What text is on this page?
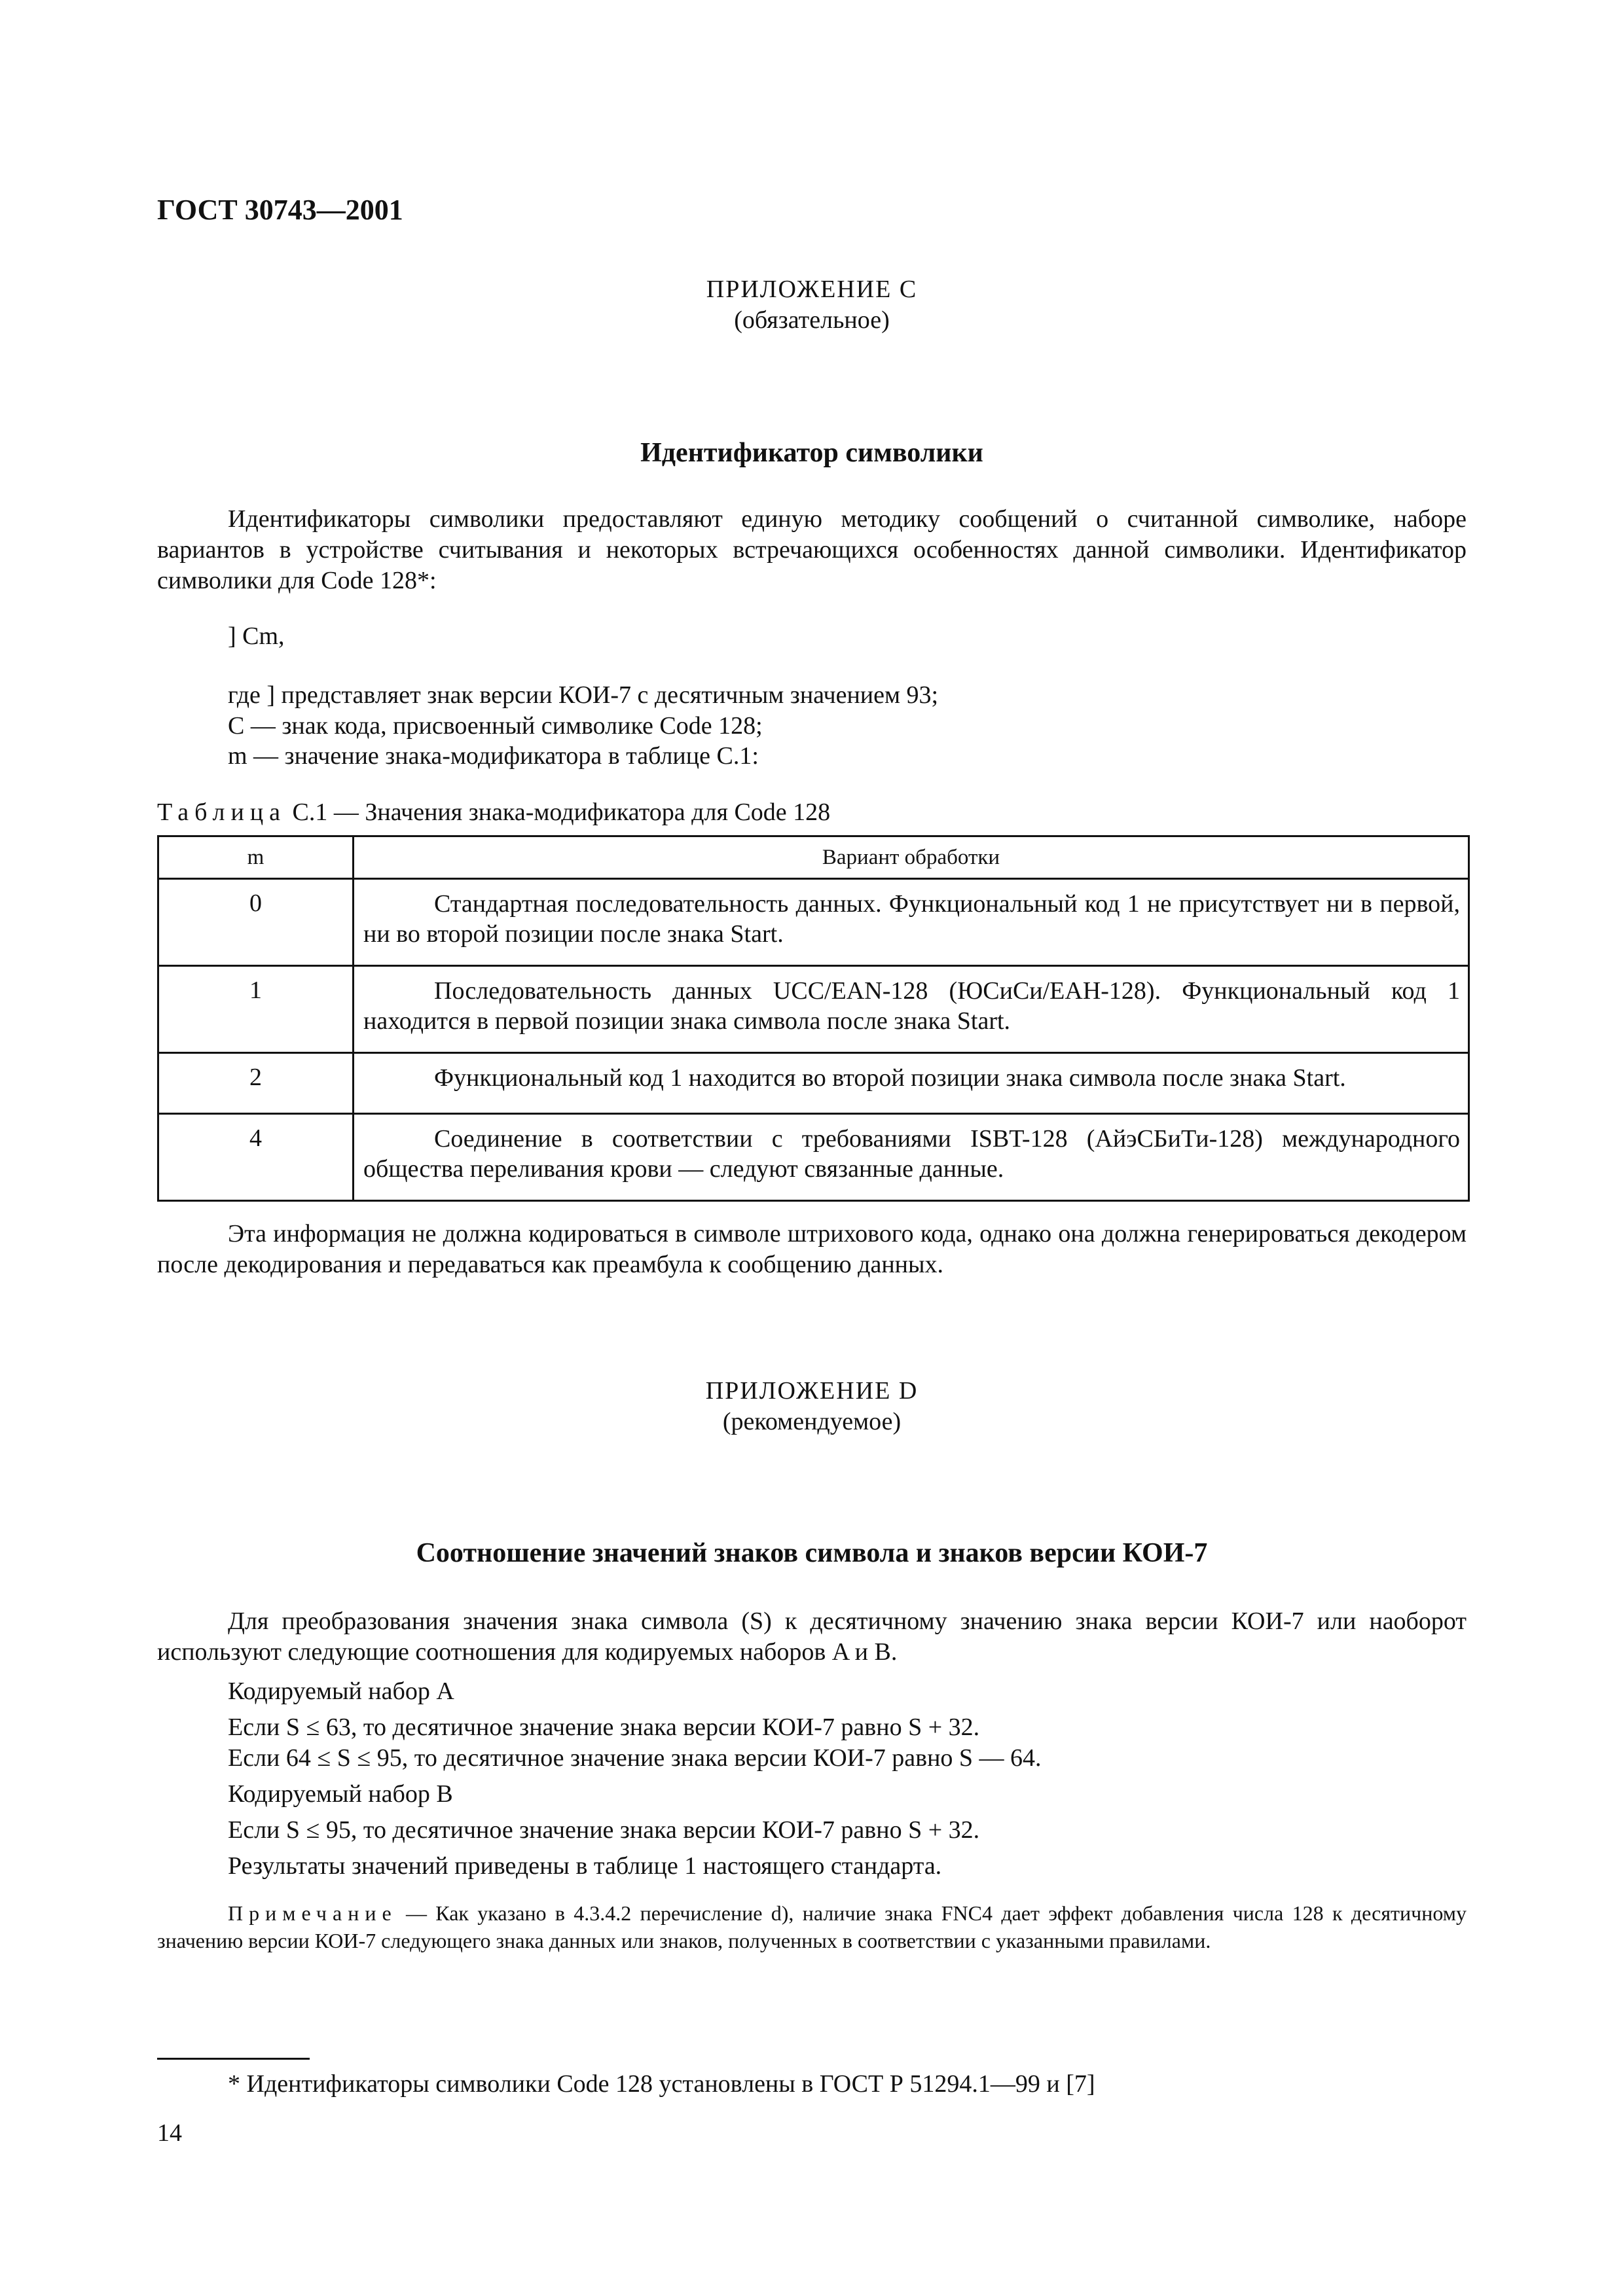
ГОСТ 30743—2001
ПРИЛОЖЕНИЕ C
(обязательное)
Идентификатор символики
Идентификаторы символики предоставляют единую методику сообщений о считанной символике, наборе вариантов в устройстве считывания и некоторых встречающихся особенностях данной символики. Идентификатор символики для Code 128*:
] Cm,
где ] представляет знак версии КОИ-7 с десятичным значением 93;
C — знак кода, присвоенный символике Code 128;
m — значение знака-модификатора в таблице C.1:
Таблица C.1 — Значения знака-модификатора для Code 128
m	Вариант обработки
0	Стандартная последовательность данных. Функциональный код 1 не присутствует ни в первой, ни во второй позиции после знака Start.
1	Последовательность данных UCC/EAN-128 (ЮСиСи/ЕАН-128). Функциональный код 1 находится в первой позиции знака символа после знака Start.
2	Функциональный код 1 находится во второй позиции знака символа после знака Start.
4	Соединение в соответствии с требованиями ISBT-128 (АйэСБиТи-128) международного общества переливания крови — следуют связанные данные.
Эта информация не должна кодироваться в символе штрихового кода, однако она должна генерироваться декодером после декодирования и передаваться как преамбула к сообщению данных.
ПРИЛОЖЕНИЕ D
(рекомендуемое)
Соотношение значений знаков символа и знаков версии КОИ-7
Для преобразования значения знака символа (S) к десятичному значению знака версии КОИ-7 или наоборот используют следующие соотношения для кодируемых наборов A и B.
Кодируемый набор A
Если S ≤ 63, то десятичное значение знака версии КОИ-7 равно S + 32.
Если 64 ≤ S ≤ 95, то десятичное значение знака версии КОИ-7 равно S — 64.
Кодируемый набор B
Если S ≤ 95, то десятичное значение знака версии КОИ-7 равно S + 32.
Результаты значений приведены в таблице 1 настоящего стандарта.
Примечание — Как указано в 4.3.4.2 перечисление d), наличие знака FNC4 дает эффект добавления числа 128 к десятичному значению версии КОИ-7 следующего знака данных или знаков, полученных в соответствии с указанными правилами.
* Идентификаторы символики Code 128 установлены в ГОСТ Р 51294.1—99 и [7]
14
